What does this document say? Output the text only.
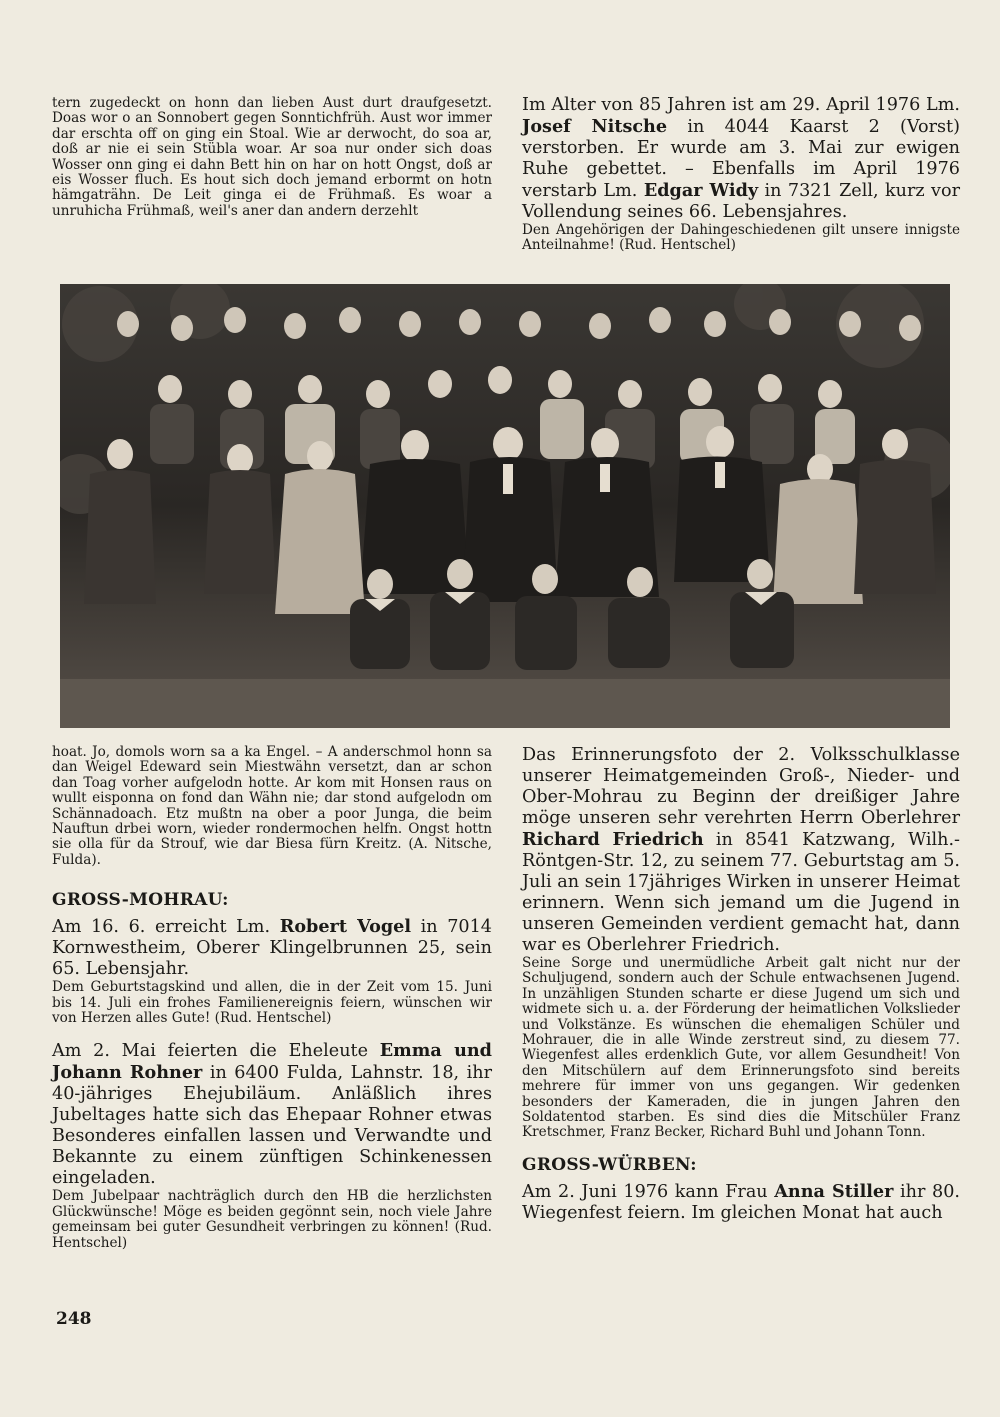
tern zugedeckt on honn dan lieben Aust durt draufgesetzt. Doas wor o an Sonnobert gegen Sonntichfrüh. Aust wor immer dar erschta off on ging ein Stoal. Wie ar derwocht, do soa ar, doß ar nie ei sein Stübla woar. Ar soa nur onder sich doas Wosser onn ging ei dahn Bett hin on har on hott Ongst, doß ar eis Wosser fluch. Es hout sich doch jemand erbormt on hotn hämgaträhn. De Leit ginga ei de Frühmaß. Es woar a unruhicha Frühmaß, weil's aner dan andern derzehlt

Im Alter von 85 Jahren ist am 29. April 1976 Lm. Josef Nitsche in 4044 Kaarst 2 (Vorst) verstorben. Er wurde am 3. Mai zur ewigen Ruhe gebettet. – Ebenfalls im April 1976 verstarb Lm. Edgar Widy in 7321 Zell, kurz vor Vollendung seines 66. Lebensjahres.

Den Angehörigen der Dahingeschiedenen gilt unsere innigste Anteilnahme! (Rud. Hentschel)

hoat. Jo, domols worn sa a ka Engel. – A anderschmol honn sa dan Weigel Edeward sein Miestwähn versetzt, dan ar schon dan Toag vorher aufgelodn hotte. Ar kom mit Honsen raus on wullt eisponna on fond dan Wähn nie; dar stond aufgelodn om Schännadoach. Etz mußtn na ober a poor Junga, die beim Nauftun drbei worn, wieder rondermochen helfn. Ongst hottn sie olla für da Strouf, wie dar Biesa fürn Kreitz. (A. Nitsche, Fulda).

GROSS-MOHRAU:

Am 16. 6. erreicht Lm. Robert Vogel in 7014 Kornwestheim, Oberer Klingelbrunnen 25, sein 65. Lebensjahr.

Dem Geburtstagskind und allen, die in der Zeit vom 15. Juni bis 14. Juli ein frohes Familienereignis feiern, wünschen wir von Herzen alles Gute! (Rud. Hentschel)

Am 2. Mai feierten die Eheleute Emma und Johann Rohner in 6400 Fulda, Lahnstr. 18, ihr 40-jähriges Ehejubiläum. Anläßlich ihres Jubeltages hatte sich das Ehepaar Rohner etwas Besonderes einfallen lassen und Verwandte und Bekannte zu einem zünftigen Schinkenessen eingeladen.

Dem Jubelpaar nachträglich durch den HB die herzlichsten Glückwünsche! Möge es beiden gegönnt sein, noch viele Jahre gemeinsam bei guter Gesundheit verbringen zu können! (Rud. Hentschel)

Das Erinnerungsfoto der 2. Volksschulklasse unserer Heimatgemeinden Groß-, Nieder- und Ober-Mohrau zu Beginn der dreißiger Jahre möge unseren sehr verehrten Herrn Oberlehrer Richard Friedrich in 8541 Katzwang, Wilh.-Röntgen-Str. 12, zu seinem 77. Geburtstag am 5. Juli an sein 17jähriges Wirken in unserer Heimat erinnern. Wenn sich jemand um die Jugend in unseren Gemeinden verdient gemacht hat, dann war es Oberlehrer Friedrich.

Seine Sorge und unermüdliche Arbeit galt nicht nur der Schuljugend, sondern auch der Schule entwachsenen Jugend. In unzähligen Stunden scharte er diese Jugend um sich und widmete sich u. a. der Förderung der heimatlichen Volkslieder und Volkstänze. Es wünschen die ehemaligen Schüler und Mohrauer, die in alle Winde zerstreut sind, zu diesem 77. Wiegenfest alles erdenklich Gute, vor allem Gesundheit! Von den Mitschülern auf dem Erinnerungsfoto sind bereits mehrere für immer von uns gegangen. Wir gedenken besonders der Kameraden, die in jungen Jahren den Soldatentod starben. Es sind dies die Mitschüler Franz Kretschmer, Franz Becker, Richard Buhl und Johann Tonn.

GROSS-WÜRBEN:

Am 2. Juni 1976 kann Frau Anna Stiller ihr 80. Wiegenfest feiern. Im gleichen Monat hat auch

248
